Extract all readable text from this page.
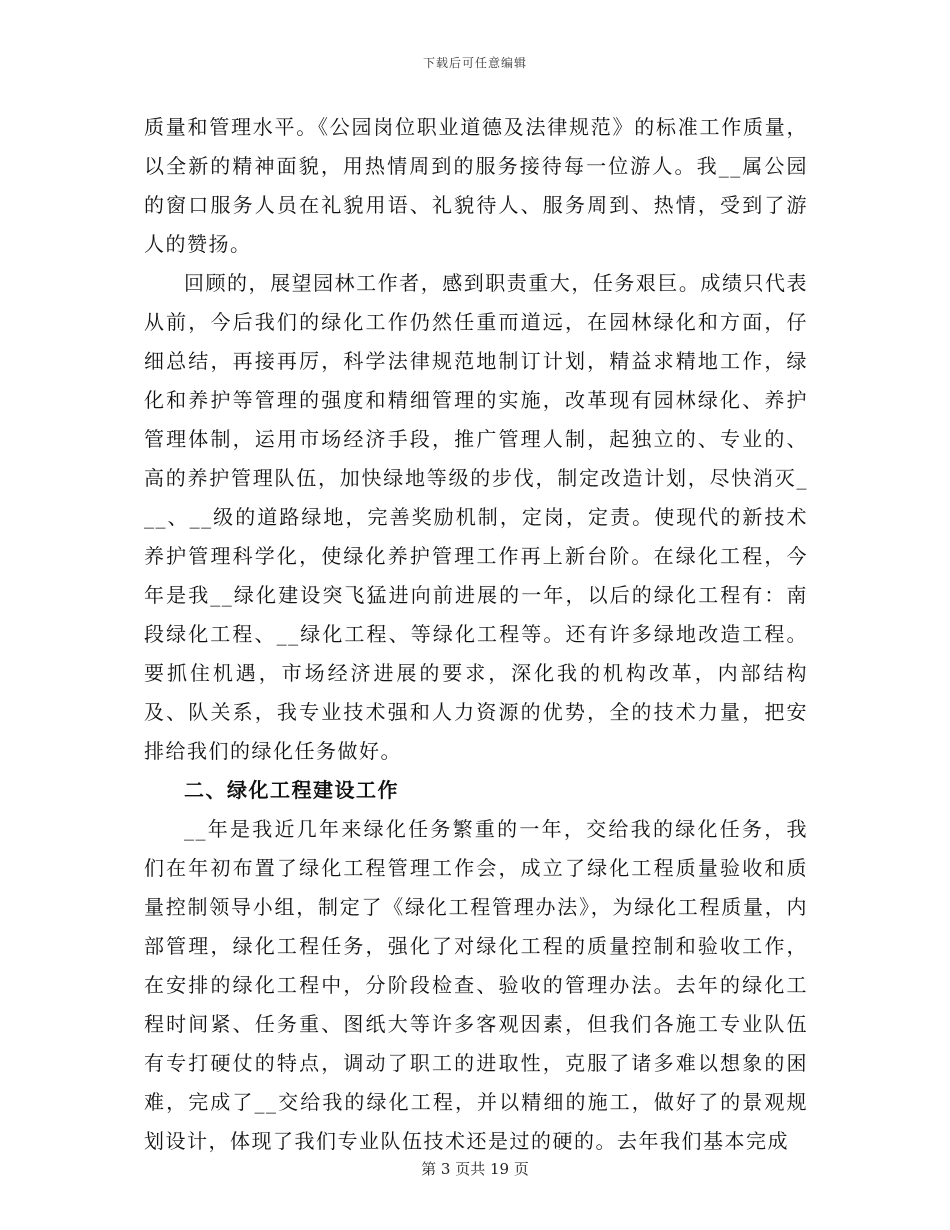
下载后可任意编辑

质量和管理水平。《公园岗位职业道德及法律规范》的标准工作质量，以全新的精神面貌，用热情周到的服务接待每一位游人。我__属公园的窗口服务人员在礼貌用语、礼貌待人、服务周到、热情，受到了游人的赞扬。

回顾的，展望园林工作者，感到职责重大，任务艰巨。成绩只代表从前，今后我们的绿化工作仍然任重而道远，在园林绿化和方面，仔细总结，再接再厉，科学法律规范地制订计划，精益求精地工作，绿化和养护等管理的强度和精细管理的实施，改革现有园林绿化、养护管理体制，运用市场经济手段，推广管理人制，起独立的、专业的、高的养护管理队伍，加快绿地等级的步伐，制定改造计划，尽快消灭___、__级的道路绿地，完善奖励机制，定岗，定责。使现代的新技术养护管理科学化，使绿化养护管理工作再上新台阶。在绿化工程，今年是我__绿化建设突飞猛进向前进展的一年，以后的绿化工程有：南段绿化工程、__绿化工程、等绿化工程等。还有许多绿地改造工程。要抓住机遇，市场经济进展的要求，深化我的机构改革，内部结构及、队关系，我专业技术强和人力资源的优势，全的技术力量，把安排给我们的绿化任务做好。

二、绿化工程建设工作

__年是我近几年来绿化任务繁重的一年，交给我的绿化任务，我们在年初布置了绿化工程管理工作会，成立了绿化工程质量验收和质量控制领导小组，制定了《绿化工程管理办法》，为绿化工程质量，内部管理，绿化工程任务，强化了对绿化工程的质量控制和验收工作，在安排的绿化工程中，分阶段检查、验收的管理办法。去年的绿化工程时间紧、任务重、图纸大等许多客观因素，但我们各施工专业队伍有专打硬仗的特点，调动了职工的进取性，克服了诸多难以想象的困难，完成了__交给我的绿化工程，并以精细的施工，做好了的景观规划设计，体现了我们专业队伍技术还是过的硬的。去年我们基本完成

第 3 页共 19 页
